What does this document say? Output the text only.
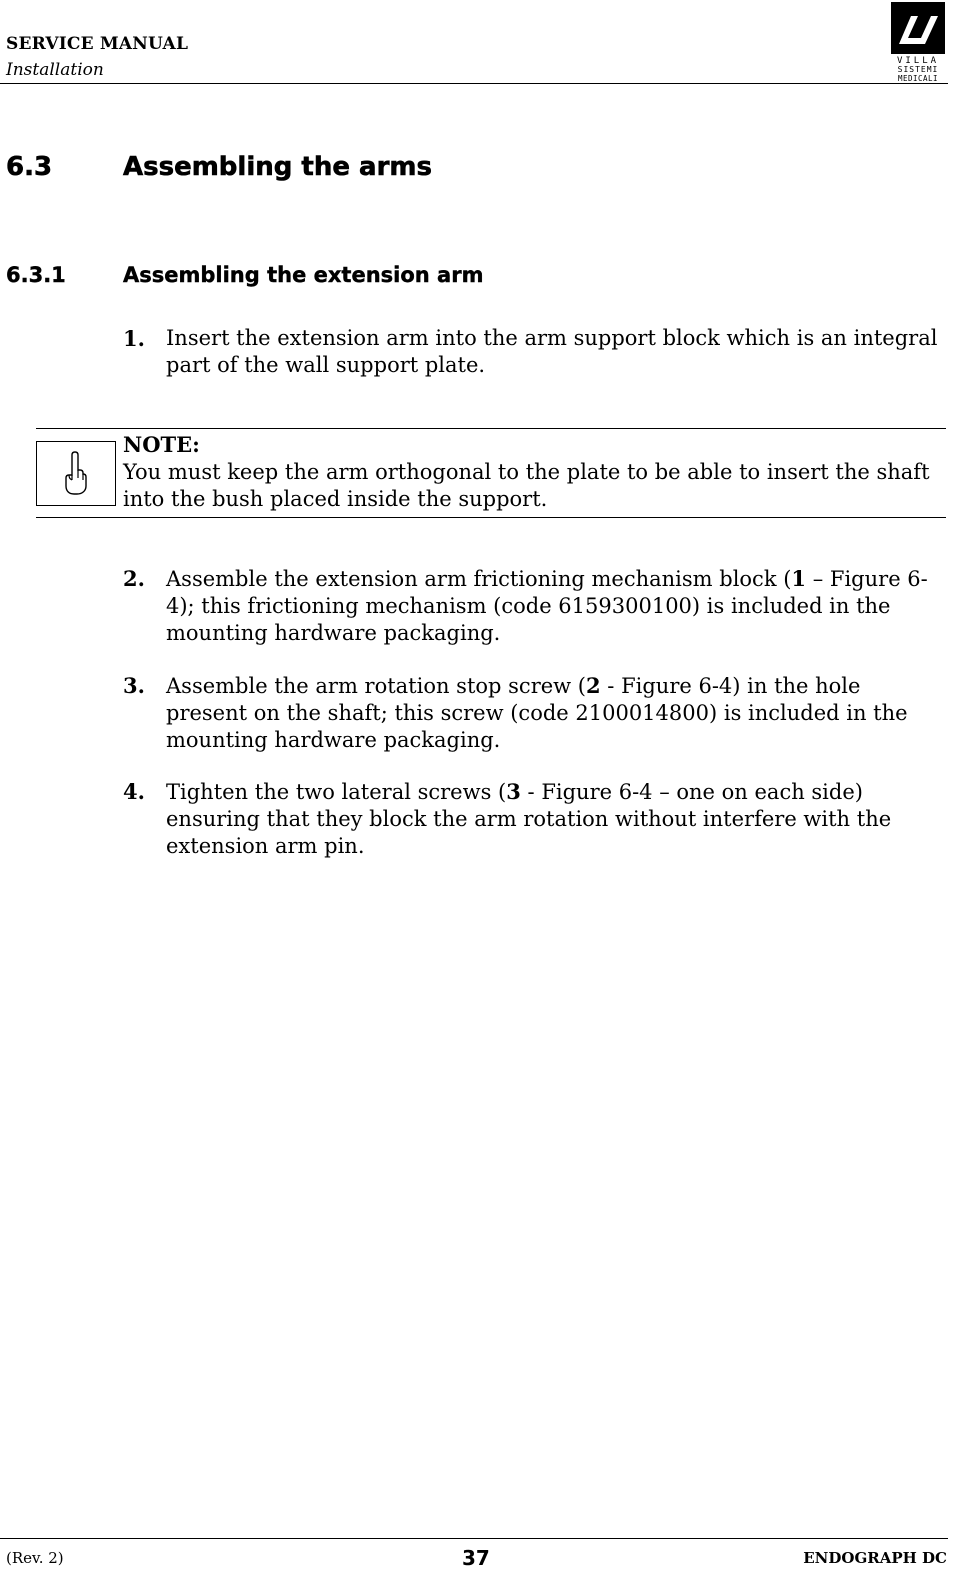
SERVICE MANUAL
Installation	VILLA
SISTEMI
MEDICALI
6.3	Assembling the arms
6.3.1	Assembling the extension arm
1. Insert the extension arm into the arm support block which is an integral part of the wall support plate.
NOTE:
You must keep the arm orthogonal to the plate to be able to insert the shaft into the bush placed inside the support.
2. Assemble the extension arm frictioning mechanism block (1 – Figure 6-4); this frictioning mechanism (code 6159300100) is included in the mounting hardware packaging.
3. Assemble the arm rotation stop screw (2 - Figure 6-4) in the hole present on the shaft; this screw (code 2100014800) is included in the mounting hardware packaging.
4. Tighten the two lateral screws (3 - Figure 6-4 – one on each side) ensuring that they block the arm rotation without interfere with the extension arm pin.
(Rev. 2)	37	ENDOGRAPH DC
